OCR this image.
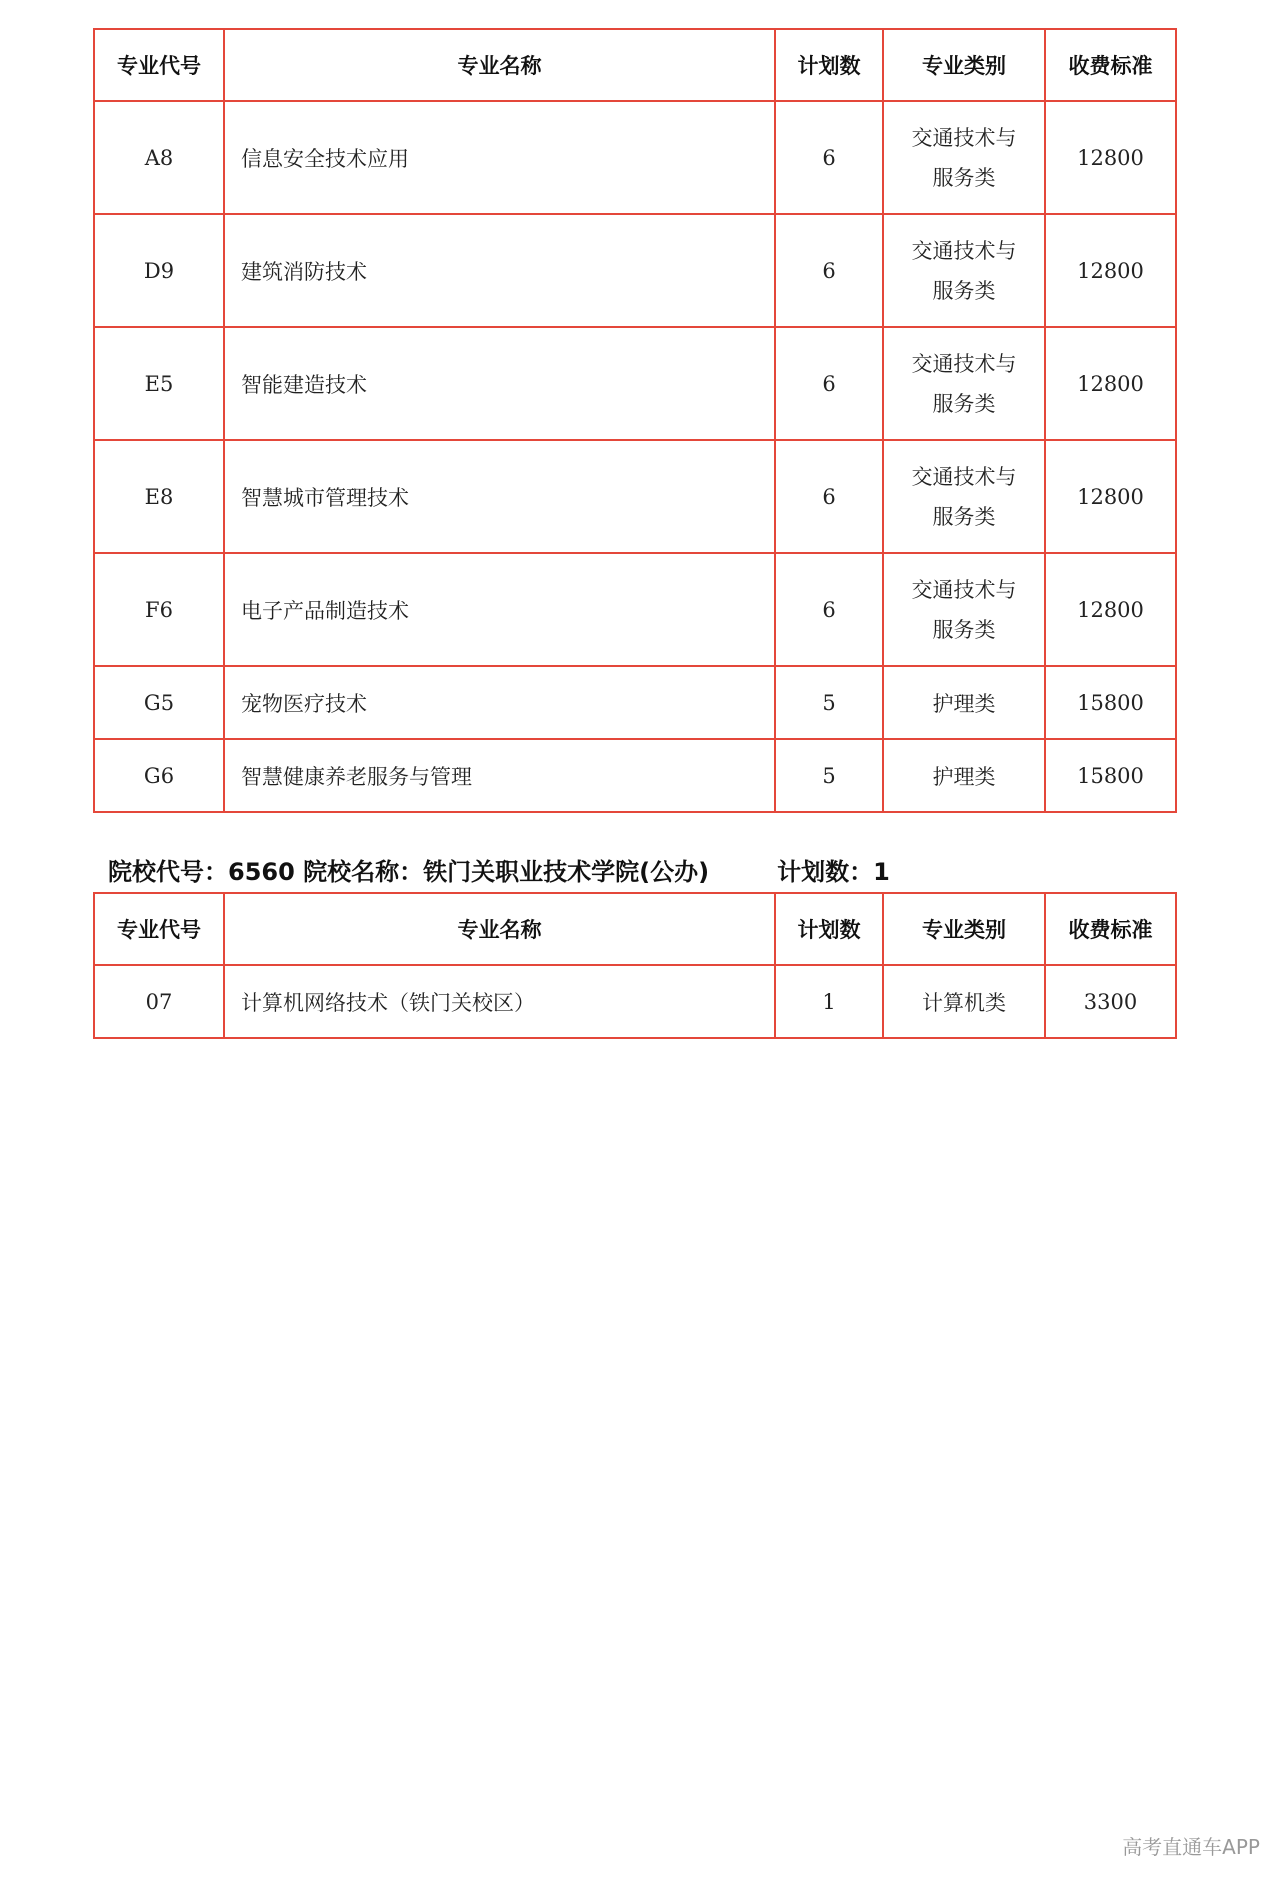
专业代号	专业名称	计划数	专业类别	收费标准
A8	信息安全技术应用	6	交通技术与
服务类	12800
D9	建筑消防技术	6	交通技术与
服务类	12800
E5	智能建造技术	6	交通技术与
服务类	12800
E8	智慧城市管理技术	6	交通技术与
服务类	12800
F6	电子产品制造技术	6	交通技术与
服务类	12800
G5	宠物医疗技术	5	护理类	15800
G6	智慧健康养老服务与管理	5	护理类	15800
院校代号：6560 院校名称：铁门关职业技术学院(公办)	计划数：1
专业代号	专业名称	计划数	专业类别	收费标准
07	计算机网络技术（铁门关校区）	1	计算机类	3300
高考直通车APP
